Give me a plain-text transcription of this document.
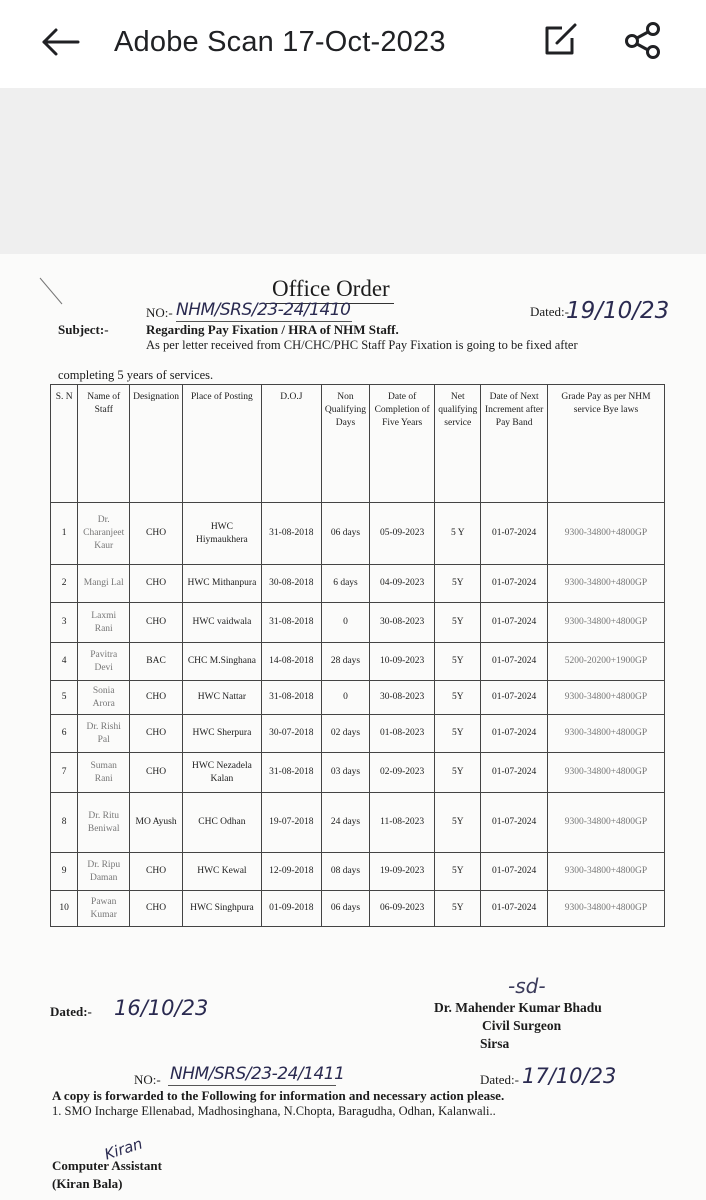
Adobe Scan 17-Oct-2023
Office Order
NO:- NHM/SRS/23-24/1410	Dated:-
19/10/23
Subject:-	Regarding Pay Fixation / HRA of NHM Staff.
As per letter received from CH/CHC/PHC Staff Pay Fixation is going to be fixed after
completing 5 years of services.
S. N	Name of Staff	Designation	Place of Posting	D.O.J	Non Qualifying Days	Date of Completion of Five Years	Net qualifying service	Date of Next Increment after Pay Band	Grade Pay as per NHM service Bye laws
1	Dr. Charanjeet Kaur	CHO	HWC Hiymaukhera	31-08-2018	06 days	05-09-2023	5 Y	01-07-2024	9300-34800+4800GP
2	Mangi Lal	CHO	HWC Mithanpura	30-08-2018	6 days	04-09-2023	5Y	01-07-2024	9300-34800+4800GP
3	Laxmi Rani	CHO	HWC vaidwala	31-08-2018	0	30-08-2023	5Y	01-07-2024	9300-34800+4800GP
4	Pavitra Devi	BAC	CHC M.Singhana	14-08-2018	28 days	10-09-2023	5Y	01-07-2024	5200-20200+1900GP
5	Sonia Arora	CHO	HWC Nattar	31-08-2018	0	30-08-2023	5Y	01-07-2024	9300-34800+4800GP
6	Dr. Rishi Pal	CHO	HWC Sherpura	30-07-2018	02 days	01-08-2023	5Y	01-07-2024	9300-34800+4800GP
7	Suman Rani	CHO	HWC Nezadela Kalan	31-08-2018	03 days	02-09-2023	5Y	01-07-2024	9300-34800+4800GP
8	Dr. Ritu Beniwal	MO Ayush	CHC Odhan	19-07-2018	24 days	11-08-2023	5Y	01-07-2024	9300-34800+4800GP
9	Dr. Ripu Daman	CHO	HWC Kewal	12-09-2018	08 days	19-09-2023	5Y	01-07-2024	9300-34800+4800GP
10	Pawan Kumar	CHO	HWC Singhpura	01-09-2018	06 days	06-09-2023	5Y	01-07-2024	9300-34800+4800GP
-sd-
Dated:- 16/10/23	Dr. Mahender Kumar Bhadu
Civil Surgeon
Sirsa
NO:- NHM/SRS/23-24/1411	Dated:- 17/10/23
A copy is forwarded to the Following for information and necessary action please.
1. SMO Incharge Ellenabad, Madhosinghana, N.Chopta, Baragudha, Odhan, Kalanwali..
Kiran
Computer Assistant
(Kiran Bala)
